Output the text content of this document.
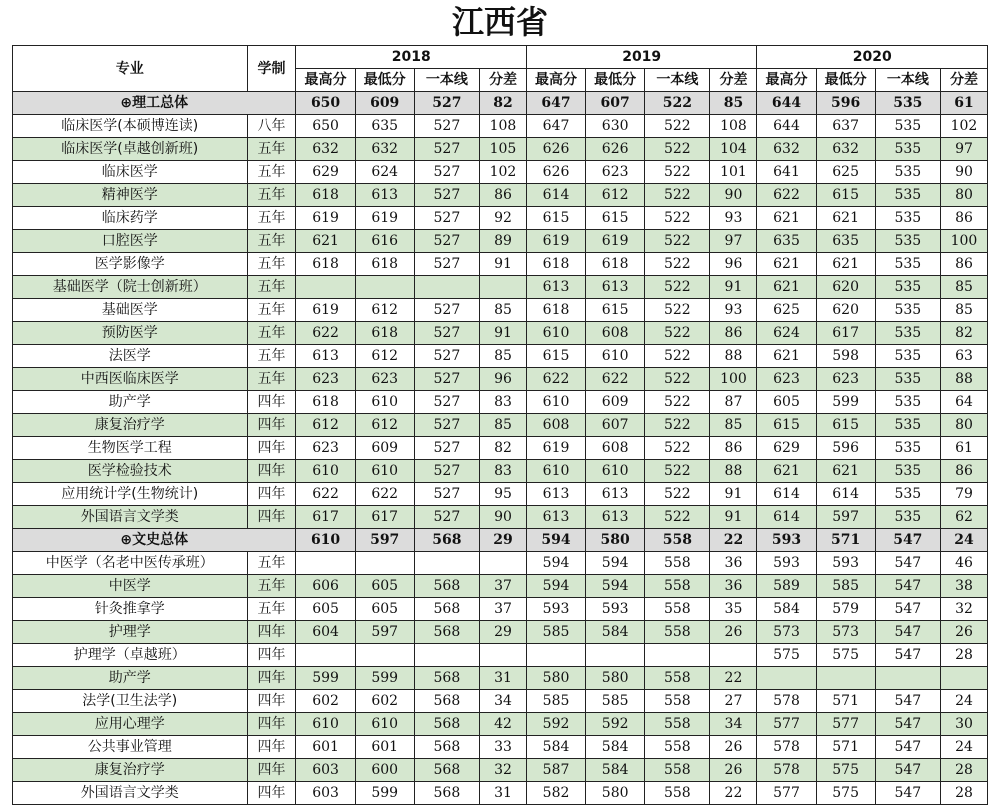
江西省
专业	学制	2018				2019				2020			
		最高分	最低分	一本线	分差	最高分	最低分	一本线	分差	最高分	最低分	一本线	分差
⊕理工总体		650	609	527	82	647	607	522	85	644	596	535	61
临床医学(本硕博连读)	八年	650	635	527	108	647	630	522	108	644	637	535	102
临床医学(卓越创新班)	五年	632	632	527	105	626	626	522	104	632	632	535	97
临床医学	五年	629	624	527	102	626	623	522	101	641	625	535	90
精神医学	五年	618	613	527	86	614	612	522	90	622	615	535	80
临床药学	五年	619	619	527	92	615	615	522	93	621	621	535	86
口腔医学	五年	621	616	527	89	619	619	522	97	635	635	535	100
医学影像学	五年	618	618	527	91	618	618	522	96	621	621	535	86
基础医学（院士创新班）	五年					613	613	522	91	621	620	535	85
基础医学	五年	619	612	527	85	618	615	522	93	625	620	535	85
预防医学	五年	622	618	527	91	610	608	522	86	624	617	535	82
法医学	五年	613	612	527	85	615	610	522	88	621	598	535	63
中西医临床医学	五年	623	623	527	96	622	622	522	100	623	623	535	88
助产学	四年	618	610	527	83	610	609	522	87	605	599	535	64
康复治疗学	四年	612	612	527	85	608	607	522	85	615	615	535	80
生物医学工程	四年	623	609	527	82	619	608	522	86	629	596	535	61
医学检验技术	四年	610	610	527	83	610	610	522	88	621	621	535	86
应用统计学(生物统计)	四年	622	622	527	95	613	613	522	91	614	614	535	79
外国语言文学类	四年	617	617	527	90	613	613	522	91	614	597	535	62
⊕文史总体		610	597	568	29	594	580	558	22	593	571	547	24
中医学（名老中医传承班）	五年					594	594	558	36	593	593	547	46
中医学	五年	606	605	568	37	594	594	558	36	589	585	547	38
针灸推拿学	五年	605	605	568	37	593	593	558	35	584	579	547	32
护理学	四年	604	597	568	29	585	584	558	26	573	573	547	26
护理学（卓越班）	四年									575	575	547	28
助产学	四年	599	599	568	31	580	580	558	22				
法学(卫生法学)	四年	602	602	568	34	585	585	558	27	578	571	547	24
应用心理学	四年	610	610	568	42	592	592	558	34	577	577	547	30
公共事业管理	四年	601	601	568	33	584	584	558	26	578	571	547	24
康复治疗学	四年	603	600	568	32	587	584	558	26	578	575	547	28
外国语言文学类	四年	603	599	568	31	582	580	558	22	577	575	547	28
